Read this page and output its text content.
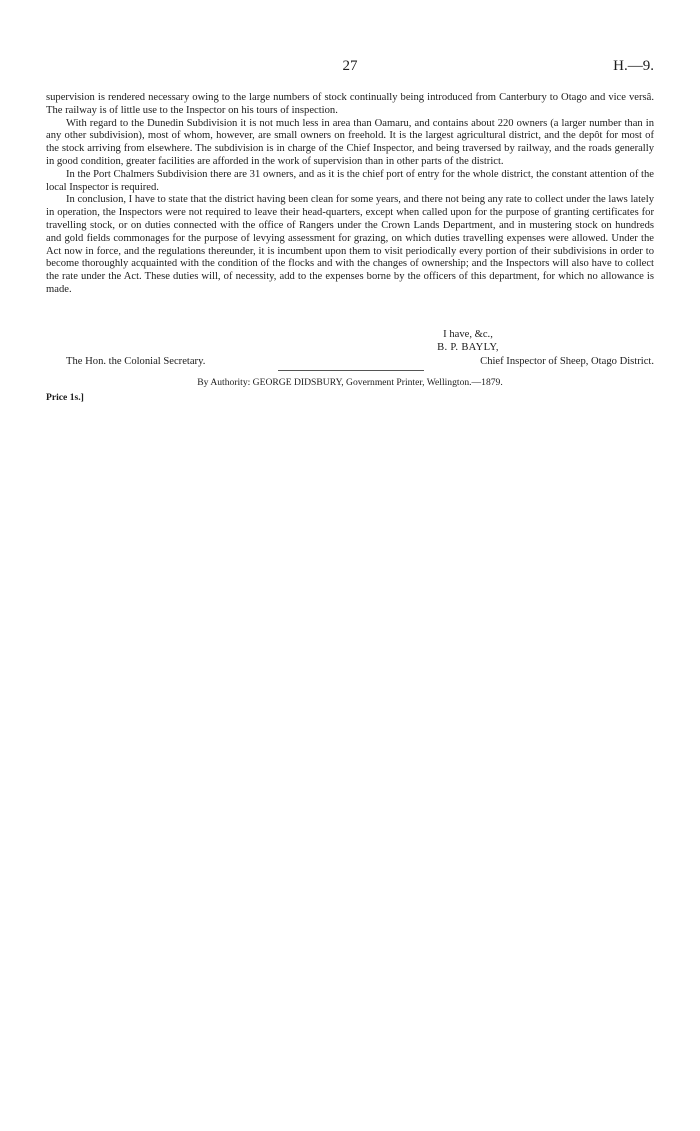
27	H.—9.

supervision is rendered necessary owing to the large numbers of stock continually being introduced from Canterbury to Otago and vice versâ. The railway is of little use to the Inspector on his tours of inspection.

With regard to the Dunedin Subdivision it is not much less in area than Oamaru, and contains about 220 owners (a larger number than in any other subdivision), most of whom, however, are small owners on freehold. It is the largest agricultural district, and the depôt for most of the stock arriving from elsewhere. The subdivision is in charge of the Chief Inspector, and being traversed by railway, and the roads generally in good condition, greater facilities are afforded in the work of supervision than in other parts of the district.

In the Port Chalmers Subdivision there are 31 owners, and as it is the chief port of entry for the whole district, the constant attention of the local Inspector is required.

In conclusion, I have to state that the district having been clean for some years, and there not being any rate to collect under the laws lately in operation, the Inspectors were not required to leave their head-quarters, except when called upon for the purpose of granting certificates for travelling stock, or on duties connected with the office of Rangers under the Crown Lands Department, and in mustering stock on hundreds and gold fields commonages for the purpose of levying assessment for grazing, on which duties travelling expenses were allowed. Under the Act now in force, and the regulations thereunder, it is incumbent upon them to visit periodically every portion of their subdivisions in order to become thoroughly acquainted with the condition of the flocks and with the changes of ownership; and the Inspectors will also have to collect the rate under the Act. These duties will, of necessity, add to the expenses borne by the officers of this department, for which no allowance is made.

I have, &c.,
B. P. BAYLY,
The Hon. the Colonial Secretary.	Chief Inspector of Sheep, Otago District.
By Authority: GEORGE DIDSBURY, Government Printer, Wellington.—1879.
Price 1s.]
